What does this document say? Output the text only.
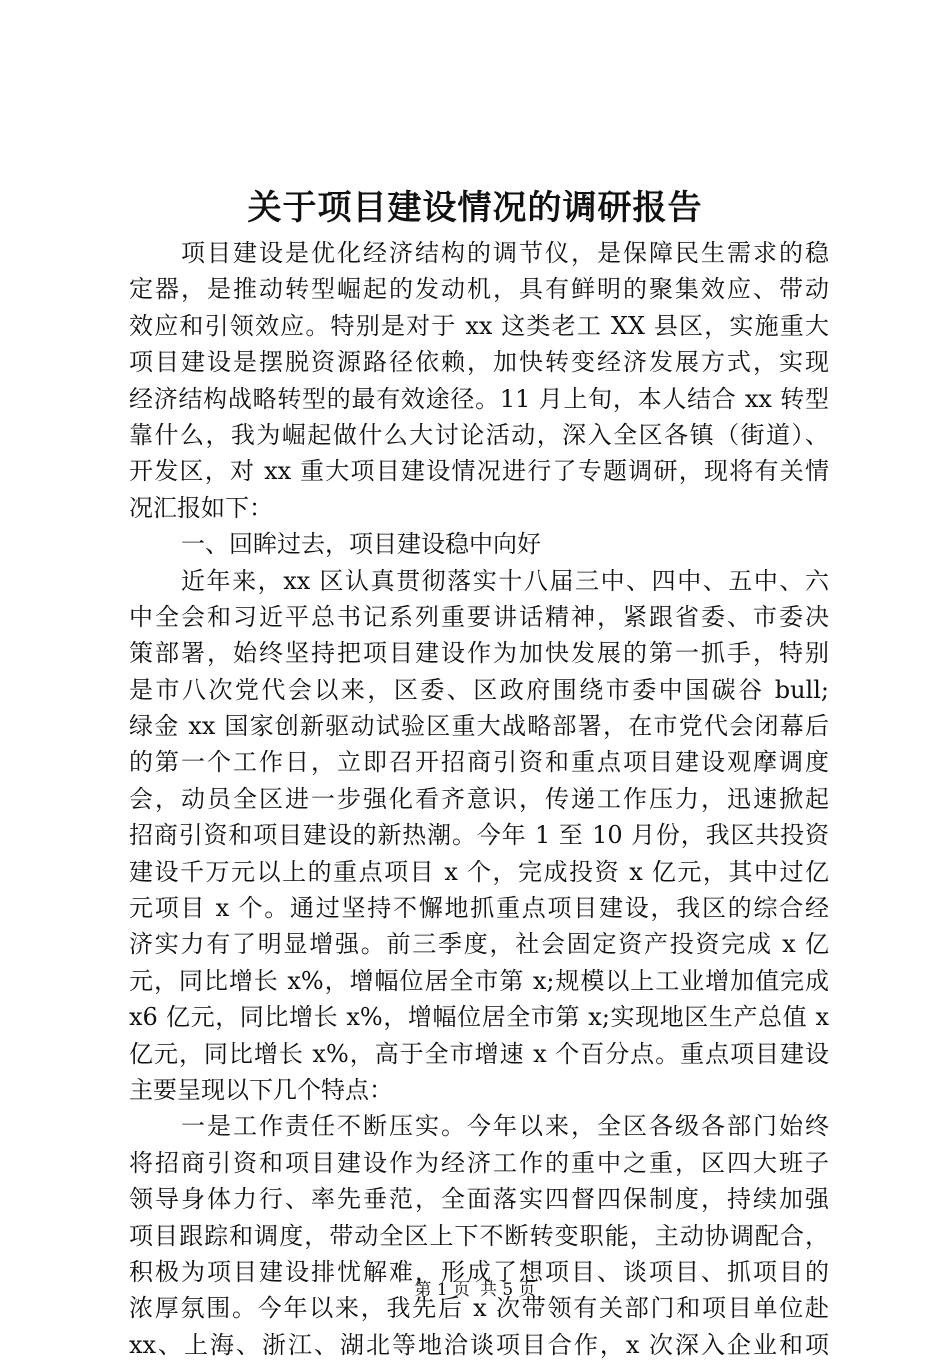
关于项目建设情况的调研报告
项目建设是优化经济结构的调节仪，是保障民生需求的稳
定器，是推动转型崛起的发动机，具有鲜明的聚集效应、带动
效应和引领效应。特别是对于 xx 这类老工 XX 县区，实施重大
项目建设是摆脱资源路径依赖，加快转变经济发展方式，实现
经济结构战略转型的最有效途径。11 月上旬，本人结合 xx 转型
靠什么，我为崛起做什么大讨论活动，深入全区各镇（街道）、
开发区，对 xx 重大项目建设情况进行了专题调研，现将有关情
况汇报如下：
一、回眸过去，项目建设稳中向好
近年来，xx 区认真贯彻落实十八届三中、四中、五中、六
中全会和习近平总书记系列重要讲话精神，紧跟省委、市委决
策部署，始终坚持把项目建设作为加快发展的第一抓手，特别
是市八次党代会以来，区委、区政府围绕市委中国碳谷 bull;
绿金 xx 国家创新驱动试验区重大战略部署，在市党代会闭幕后
的第一个工作日，立即召开招商引资和重点项目建设观摩调度
会，动员全区进一步强化看齐意识，传递工作压力，迅速掀起
招商引资和项目建设的新热潮。今年 1 至 10 月份，我区共投资
建设千万元以上的重点项目 x 个，完成投资 x 亿元，其中过亿
元项目 x 个。通过坚持不懈地抓重点项目建设，我区的综合经
济实力有了明显增强。前三季度，社会固定资产投资完成 x 亿
元，同比增长 x%，增幅位居全市第 x;规模以上工业增加值完成
x6 亿元，同比增长 x%，增幅位居全市第 x;实现地区生产总值 x
亿元，同比增长 x%，高于全市增速 x 个百分点。重点项目建设
主要呈现以下几个特点：
一是工作责任不断压实。今年以来，全区各级各部门始终
将招商引资和项目建设作为经济工作的重中之重，区四大班子
领导身体力行、率先垂范，全面落实四督四保制度，持续加强
项目跟踪和调度，带动全区上下不断转变职能，主动协调配合，
积极为项目建设排忧解难，形成了想项目、谈项目、抓项目的
浓厚氛围。今年以来，我先后 x 次带领有关部门和项目单位赴
xx、上海、浙江、湖北等地洽谈项目合作，x 次深入企业和项
第 1 页 共 5 页
